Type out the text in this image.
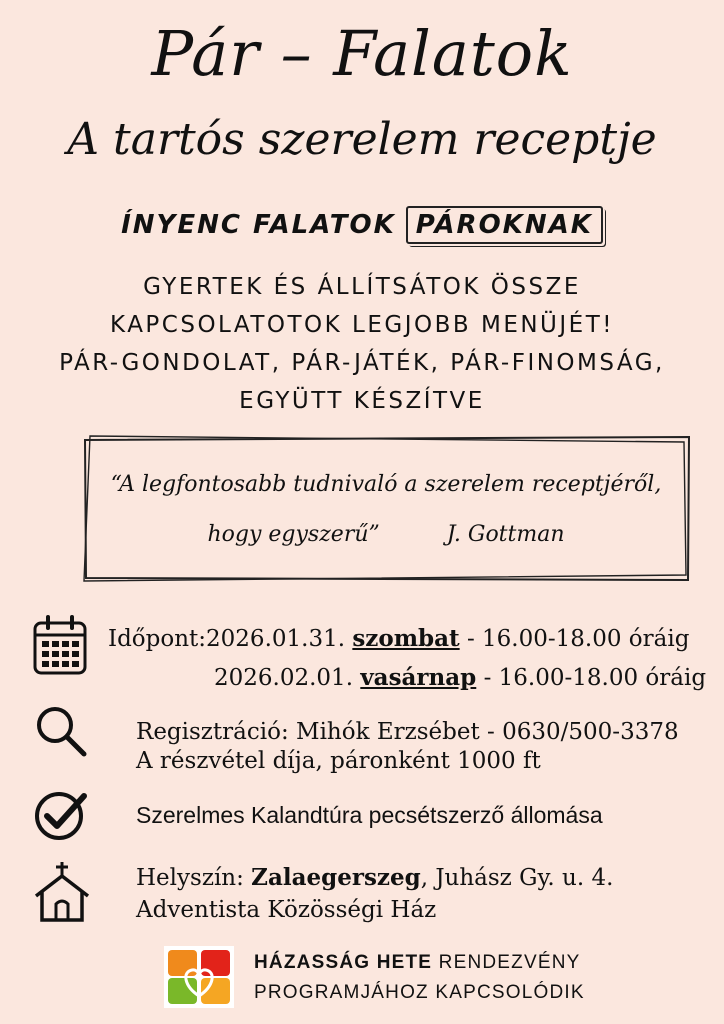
Pár – Falatok
A tartós szerelem receptje
ÍNYENC FALATOK PÁROKNAK
GYERTEK ÉS ÁLLÍTSÁTOK ÖSSZE
KAPCSOLATOTOK LEGJOBB MENÜJÉT!
PÁR-GONDOLAT, PÁR-JÁTÉK, PÁR-FINOMSÁG,
EGYÜTT KÉSZÍTVE
“A legfontosabb tudnivaló a szerelem receptjéről,
hogy egyszerű”	J. Gottman
Időpont:2026.01.31. szombat - 16.00-18.00 óráig
2026.02.01. vasárnap - 16.00-18.00 óráig
Regisztráció: Mihók Erzsébet - 0630/500-3378
A részvétel díja, páronként 1000 ft
Szerelmes Kalandtúra pecsétszerző állomása
Helyszín: Zalaegerszeg, Juhász Gy. u. 4.
Adventista Közösségi Ház
HÁZASSÁG HETE RENDEZVÉNY
PROGRAMJÁHOZ KAPCSOLÓDIK
